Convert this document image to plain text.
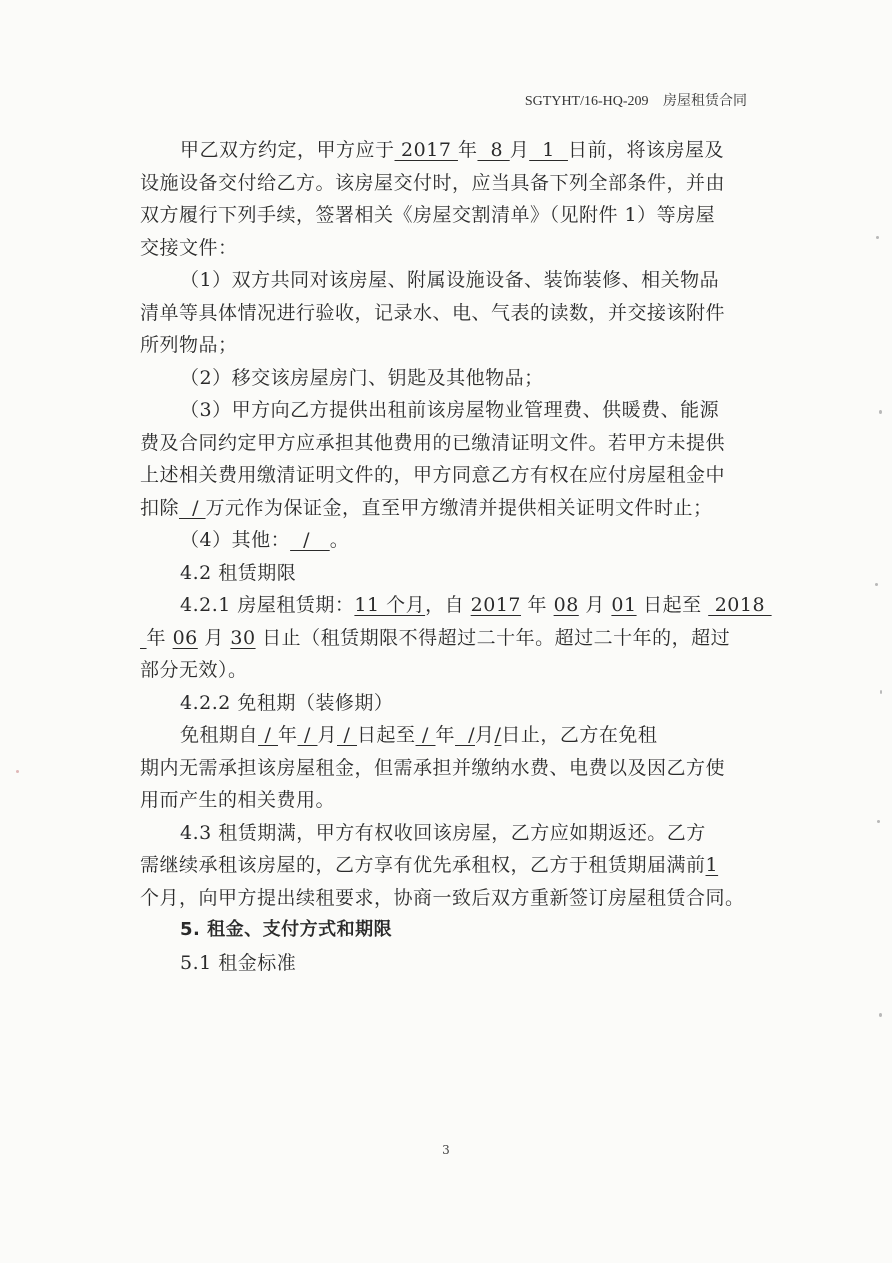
SGTYHT/16-HQ-209 房屋租赁合同

甲乙双方约定，甲方应于 2017 年  8 月  1  日前，将该房屋及

设施设备交付给乙方。该房屋交付时，应当具备下列全部条件，并由

双方履行下列手续，签署相关《房屋交割清单》（见附件 1）等房屋

交接文件：

（1）双方共同对该房屋、附属设施设备、装饰装修、相关物品

清单等具体情况进行验收，记录水、电、气表的读数，并交接该附件

所列物品；

（2）移交该房屋房门、钥匙及其他物品；

（3）甲方向乙方提供出租前该房屋物业管理费、供暖费、能源

费及合同约定甲方应承担其他费用的已缴清证明文件。若甲方未提供

上述相关费用缴清证明文件的，甲方同意乙方有权在应付房屋租金中

扣除  / 万元作为保证金，直至甲方缴清并提供相关证明文件时止；

（4）其他：  /   。

4.2 租赁期限

4.2.1 房屋租赁期：11 个月，自 2017 年 08 月 01 日起至  2018

年 06 月 30 日止（租赁期限不得超过二十年。超过二十年的，超过

部分无效）。

4.2.2 免租期（装修期）

免租期自 / 年 / 月 / 日起至 / 年  /月/日止，乙方在免租

期内无需承担该房屋租金，但需承担并缴纳水费、电费以及因乙方使

用而产生的相关费用。

4.3 租赁期满，甲方有权收回该房屋，乙方应如期返还。乙方

需继续承租该房屋的，乙方享有优先承租权，乙方于租赁期届满前1

个月，向甲方提出续租要求，协商一致后双方重新签订房屋租赁合同。

5. 租金、支付方式和期限

5.1 租金标准

3
